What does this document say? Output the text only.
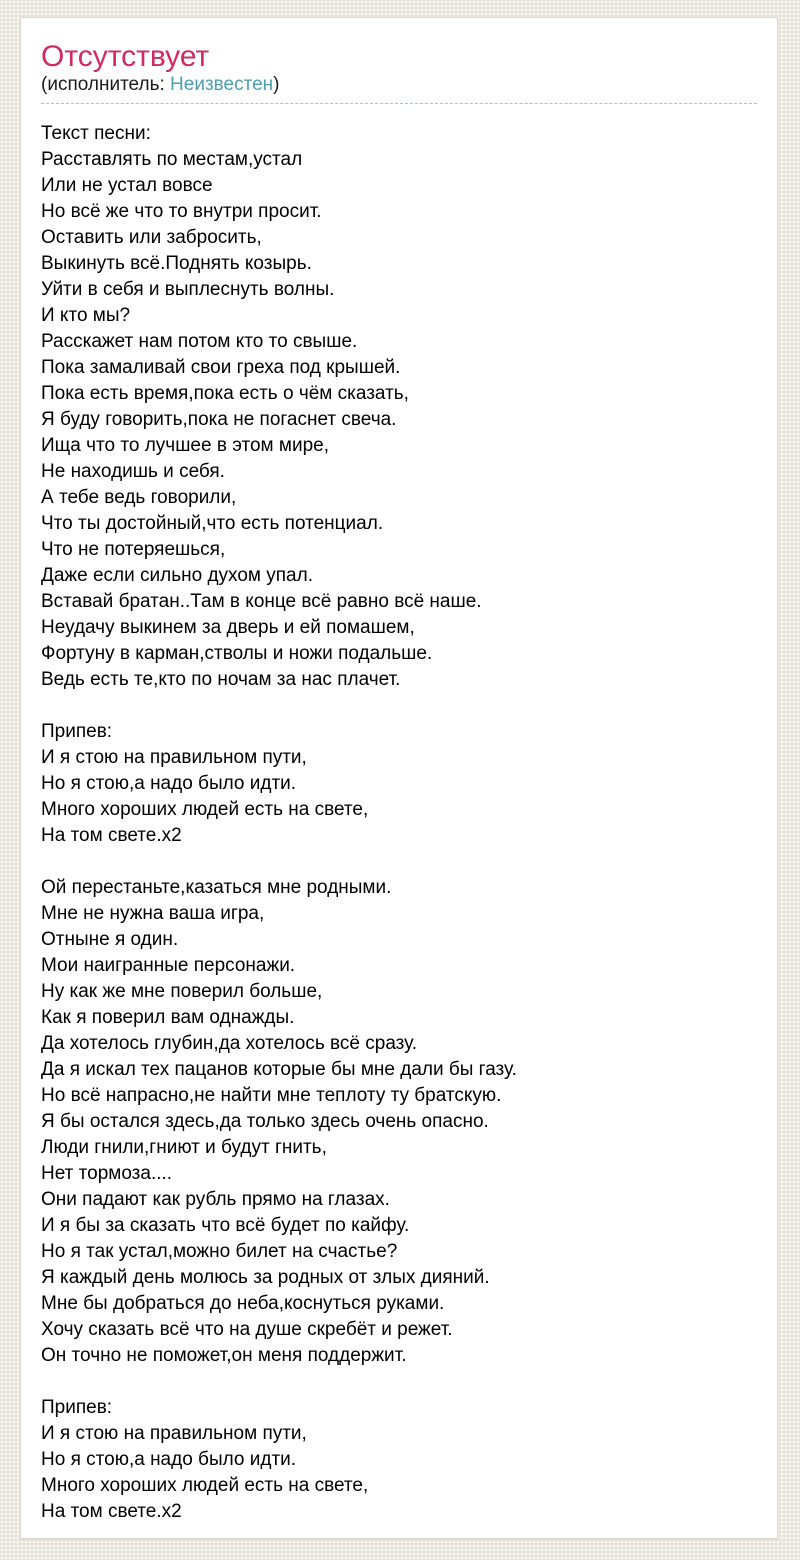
Отсутствует
(исполнитель: Неизвестен)
Текст песни:
Расставлять по местам,устал
Или не устал вовсе
Но всё же что то внутри просит.
Оставить или забросить,
Выкинуть всё.Поднять козырь.
Уйти в себя и выплеснуть волны.
И кто мы?
Расскажет нам потом кто то свыше.
Пока замаливай свои греха под крышей.
Пока есть время,пока есть о чём сказать,
Я буду говорить,пока не погаснет свеча.
Ища что то лучшее в этом мире,
Не находишь и себя.
А тебе ведь говорили,
Что ты достойный,что есть потенциал.
Что не потеряешься,
Даже если сильно духом упал.
Вставай братан..Там в конце всё равно всё наше.
Неудачу выкинем за дверь и ей помашем,
Фортуну в карман,стволы и ножи подальше.
Ведь есть те,кто по ночам за нас плачет.

Припев:
И я стою на правильном пути,
Но я стою,а надо было идти.
Много хороших людей есть на свете,
На том свете.х2

Ой перестаньте,казаться мне родными.
Мне не нужна ваша игра,
Отныне я один.
Мои наигранные персонажи.
Ну как же мне поверил больше,
Как я поверил вам однажды.
Да хотелось глубин,да хотелось всё сразу.
Да я искал тех пацанов которые бы мне дали бы газу.
Но всё напрасно,не найти мне теплоту ту братскую.
Я бы остался здесь,да только здесь очень опасно.
Люди гнили,гниют и будут гнить,
Нет тормоза....
Они падают как рубль прямо на глазах.
И я бы за сказать что всё будет по кайфу.
Но я так устал,можно билет на счастье?
Я каждый день молюсь за родных от злых дияний.
Мне бы добраться до неба,коснуться руками.
Хочу сказать всё что на душе скребёт и режет.
Он точно не поможет,он меня поддержит.

Припев:
И я стою на правильном пути,
Но я стою,а надо было идти.
Много хороших людей есть на свете,
На том свете.х2
